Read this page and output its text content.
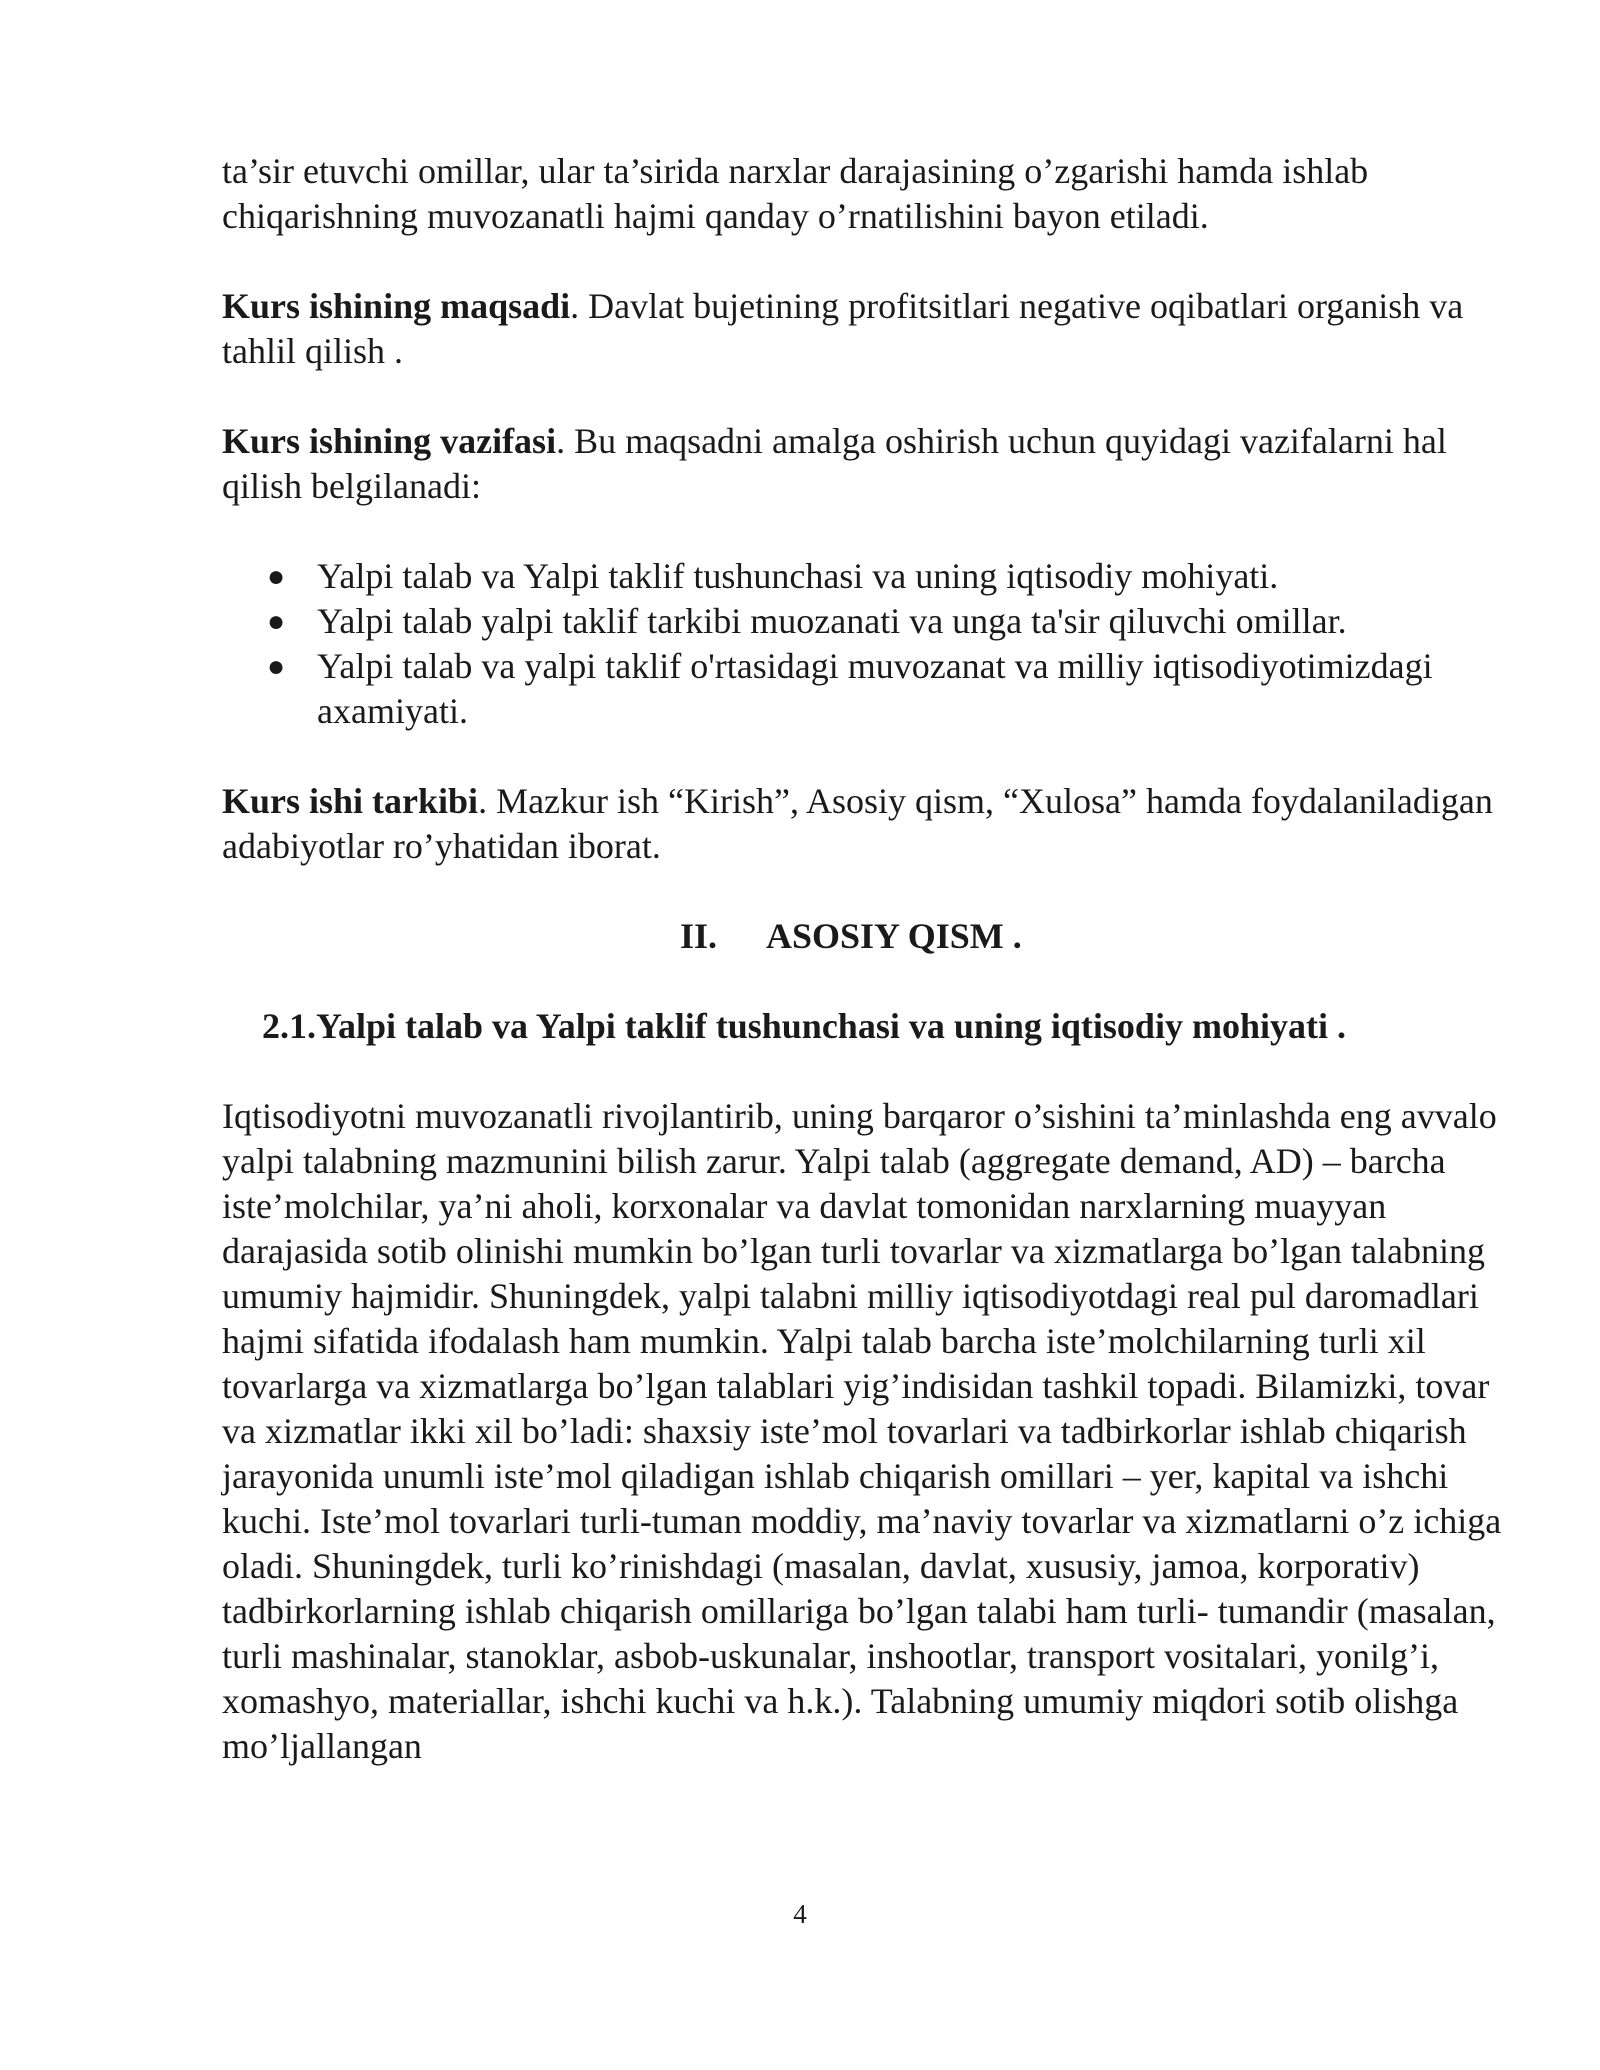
ta’sir etuvchi omillar, ular ta’sirida narxlar darajasining o’zgarishi hamda ishlab chiqarishning muvozanatli hajmi qanday o’rnatilishini bayon etiladi.

Kurs ishining maqsadi. Davlat bujetining profitsitlari negative oqibatlari organish va tahlil qilish .

Kurs ishining vazifasi. Bu maqsadni amalga oshirish uchun quyidagi vazifalarni hal qilish belgilanadi:

● Yalpi talab va Yalpi taklif tushunchasi va uning iqtisodiy mohiyati.
● Yalpi talab yalpi taklif tarkibi muozanati va unga ta'sir qiluvchi omillar.
● Yalpi talab va yalpi taklif o'rtasidagi muvozanat va milliy iqtisodiyotimizdagi axamiyati.

Kurs ishi tarkibi. Mazkur ish “Kirish”, Asosiy qism, “Xulosa” hamda foydalaniladigan adabiyotlar ro’yhatidan iborat.

II. ASOSIY QISM .

2.1.Yalpi talab va Yalpi taklif tushunchasi va uning iqtisodiy mohiyati .

Iqtisodiyotni muvozanatli rivojlantirib, uning barqaror o’sishini ta’minlashda eng avvalo yalpi talabning mazmunini bilish zarur. Yalpi talab (aggregate demand, AD) – barcha iste’molchilar, ya’ni aholi, korxonalar va davlat tomonidan narxlarning muayyan darajasida sotib olinishi mumkin bo’lgan turli tovarlar va xizmatlarga bo’lgan talabning umumiy hajmidir. Shuningdek, yalpi talabni milliy iqtisodiyotdagi real pul daromadlari hajmi sifatida ifodalash ham mumkin. Yalpi talab barcha iste’molchilarning turli xil tovarlarga va xizmatlarga bo’lgan talablari yig’indisidan tashkil topadi. Bilamizki, tovar va xizmatlar ikki xil bo’ladi: shaxsiy iste’mol tovarlari va tadbirkorlar ishlab chiqarish jarayonida unumli iste’mol qiladigan ishlab chiqarish omillari – yer, kapital va ishchi kuchi. Iste’mol tovarlari turli-tuman moddiy, ma’naviy tovarlar va xizmatlarni o’z ichiga oladi. Shuningdek, turli ko’rinishdagi (masalan, davlat, xususiy, jamoa, korporativ) tadbirkorlarning ishlab chiqarish omillariga bo’lgan talabi ham turli- tumandir (masalan, turli mashinalar, stanoklar, asbob-uskunalar, inshootlar, transport vositalari, yonilg’i, xomashyo, materiallar, ishchi kuchi va h.k.). Talabning umumiy miqdori sotib olishga mo’ljallangan

4
